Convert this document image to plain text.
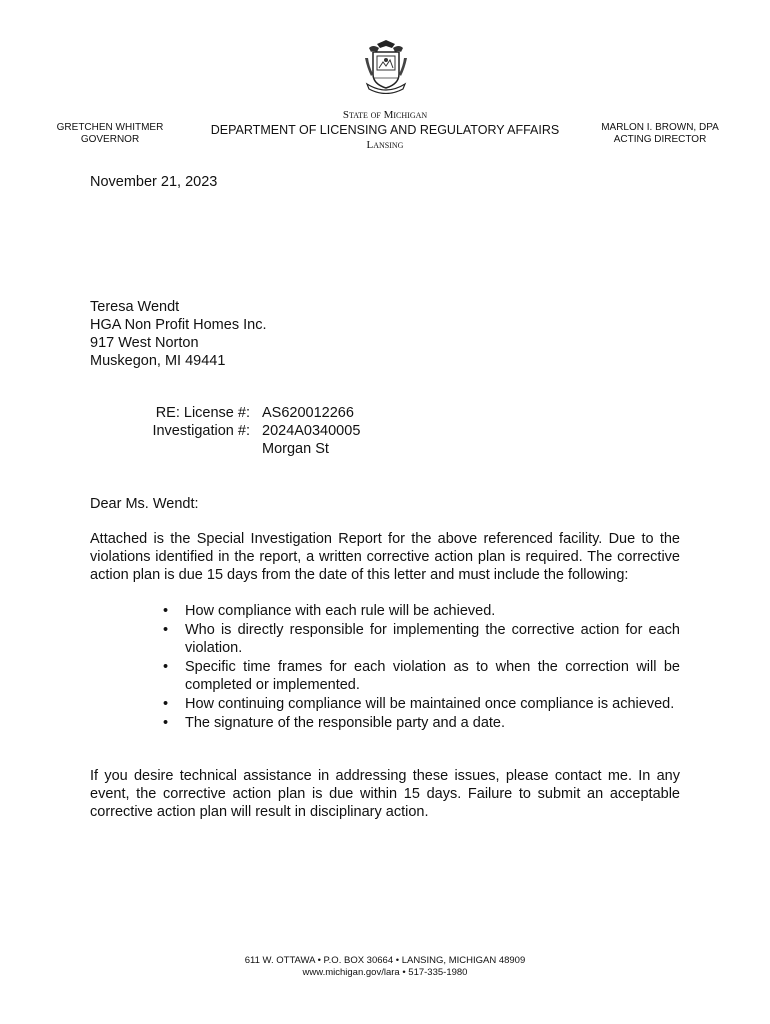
GRETCHEN WHITMER
GOVERNOR
State of Michigan
DEPARTMENT OF LICENSING AND REGULATORY AFFAIRS
Lansing
MARLON I. BROWN, DPA
ACTING DIRECTOR
November 21, 2023
Teresa Wendt
HGA Non Profit Homes Inc.
917 West Norton
Muskegon, MI 49441
RE: License #:
Investigation #:
AS620012266
2024A0340005
Morgan St
Dear Ms. Wendt:
Attached is the Special Investigation Report for the above referenced facility. Due to the violations identified in the report, a written corrective action plan is required. The corrective action plan is due 15 days from the date of this letter and must include the following:
• How compliance with each rule will be achieved.
• Who is directly responsible for implementing the corrective action for each violation.
• Specific time frames for each violation as to when the correction will be completed or implemented.
• How continuing compliance will be maintained once compliance is achieved.
• The signature of the responsible party and a date.
If you desire technical assistance in addressing these issues, please contact me. In any event, the corrective action plan is due within 15 days. Failure to submit an acceptable corrective action plan will result in disciplinary action.
611 W. OTTAWA • P.O. BOX 30664 • LANSING, MICHIGAN 48909
www.michigan.gov/lara • 517-335-1980
